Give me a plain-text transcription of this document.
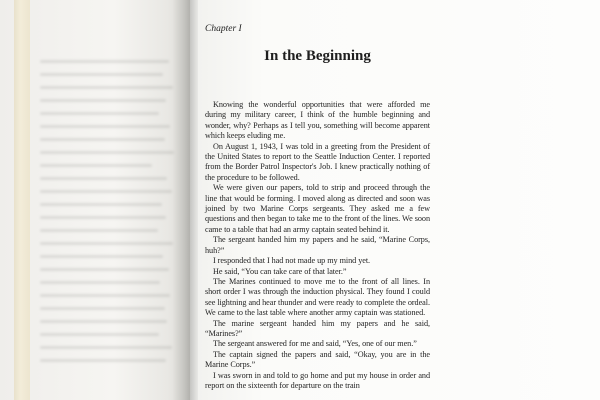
Chapter I

In the Beginning

Knowing the wonderful opportunities that were afforded me during my military career, I think of the humble beginning and wonder, why? Perhaps as I tell you, something will become apparent which keeps eluding me.

On August 1, 1943, I was told in a greeting from the President of the United States to report to the Seattle Induction Center. I reported from the Border Patrol Inspector's Job. I knew practically nothing of the procedure to be followed.

We were given our papers, told to strip and proceed through the line that would be forming. I moved along as directed and soon was joined by two Marine Corps sergeants. They asked me a few questions and then began to take me to the front of the lines. We soon came to a table that had an army captain seated behind it.

The sergeant handed him my papers and he said, “Marine Corps, huh?”

I responded that I had not made up my mind yet.

He said, “You can take care of that later.”

The Marines continued to move me to the front of all lines. In short order I was through the induction physical. They found I could see lightning and hear thunder and were ready to complete the ordeal. We came to the last table where another army captain was stationed.

The marine sergeant handed him my papers and he said, “Marines?”

The sergeant answered for me and said, “Yes, one of our men.”

The captain signed the papers and said, “Okay, you are in the Marine Corps.”

I was sworn in and told to go home and put my house in order and report on the sixteenth for departure on the train
